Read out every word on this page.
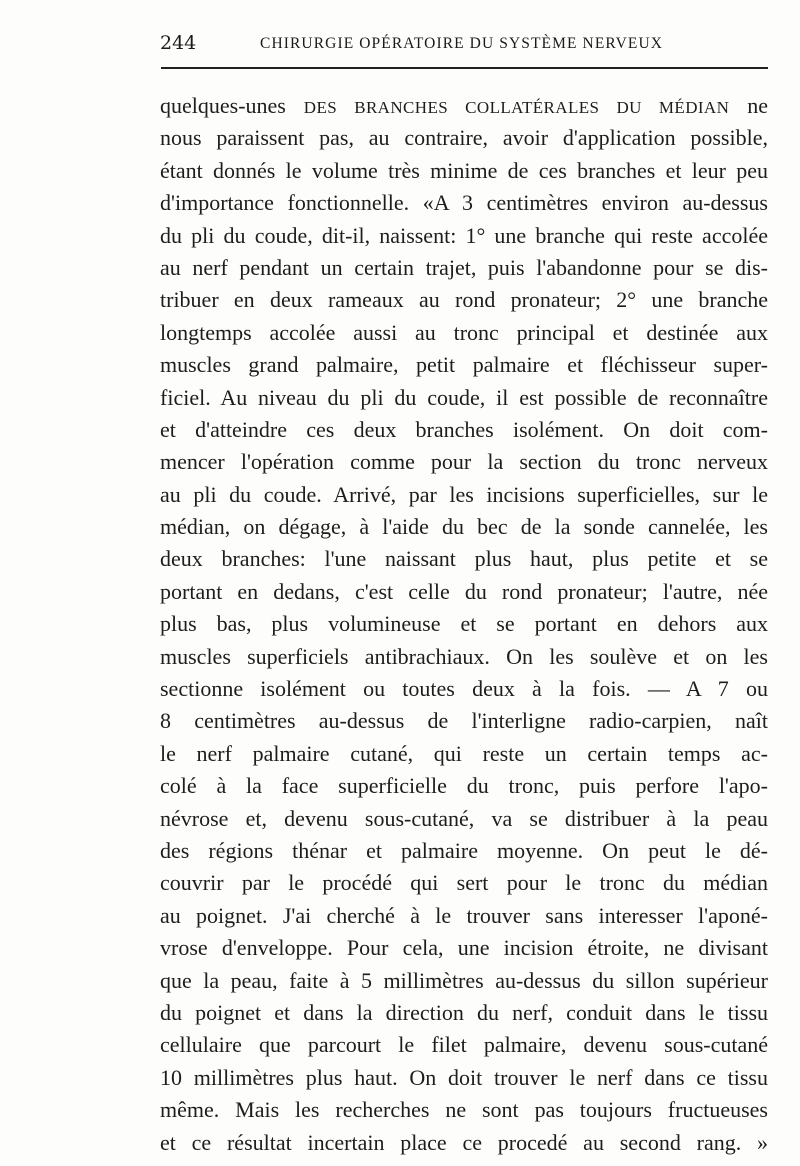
244	CHIRURGIE OPÉRATOIRE DU SYSTÈME NERVEUX
quelques-unes DES BRANCHES COLLATÉRALES DU MÉDIAN ne
nous paraissent pas, au contraire, avoir d'application possible,
étant donnés le volume très minime de ces branches et leur peu
d'importance fonctionnelle. «A 3 centimètres environ au-dessus
du pli du coude, dit-il, naissent: 1° une branche qui reste accolée
au nerf pendant un certain trajet, puis l'abandonne pour se dis-
tribuer en deux rameaux au rond pronateur; 2° une branche
longtemps accolée aussi au tronc principal et destinée aux
muscles grand palmaire, petit palmaire et fléchisseur super-
ficiel. Au niveau du pli du coude, il est possible de reconnaître
et d'atteindre ces deux branches isolément. On doit com-
mencer l'opération comme pour la section du tronc nerveux
au pli du coude. Arrivé, par les incisions superficielles, sur le
médian, on dégage, à l'aide du bec de la sonde cannelée, les
deux branches: l'une naissant plus haut, plus petite et se
portant en dedans, c'est celle du rond pronateur; l'autre, née
plus bas, plus volumineuse et se portant en dehors aux
muscles superficiels antibrachiaux. On les soulève et on les
sectionne isolément ou toutes deux à la fois. — A 7 ou
8 centimètres au-dessus de l'interligne radio-carpien, naît
le nerf palmaire cutané, qui reste un certain temps ac-
colé à la face superficielle du tronc, puis perfore l'apo-
névrose et, devenu sous-cutané, va se distribuer à la peau
des régions thénar et palmaire moyenne. On peut le dé-
couvrir par le procédé qui sert pour le tronc du médian
au poignet. J'ai cherché à le trouver sans interesser l'aponé-
vrose d'enveloppe. Pour cela, une incision étroite, ne divisant
que la peau, faite à 5 millimètres au-dessus du sillon supérieur
du poignet et dans la direction du nerf, conduit dans le tissu
cellulaire que parcourt le filet palmaire, devenu sous-cutané
10 millimètres plus haut. On doit trouver le nerf dans ce tissu
même. Mais les recherches ne sont pas toujours fructueuses
et ce résultat incertain place ce procedé au second rang. »
